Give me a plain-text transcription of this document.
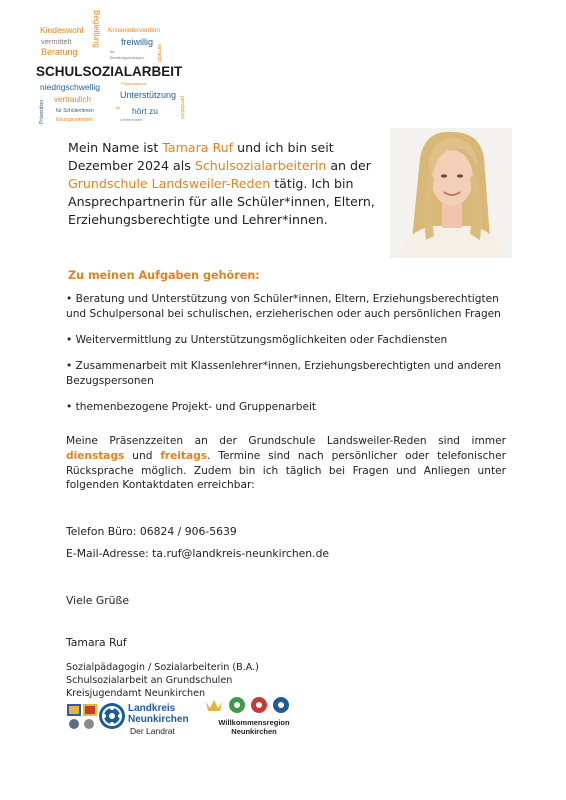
Kindeswohl Begleitung Krisenintervention
vermittelt	freiwillig
Beratung	für
Beratungsanfragen vernetzt
SCHULSOZIALARBEIT
niedrigschwellig	Physicalarbeit
vertraulich	Unterstützung
Prävention für Schüler/innen
für hört zu
lösungsorientiert	Lehrer/innen
persönlich
Mein Name ist Tamara Ruf und ich bin seit Dezember 2024 als Schulsozialarbeiterin an der Grundschule Landsweiler-Reden tätig. Ich bin Ansprechpartnerin für alle Schüler*innen, Eltern, Erziehungsberechtigte und Lehrer*innen.
Zu meinen Aufgaben gehören:
• Beratung und Unterstützung von Schüler*innen, Eltern, Erziehungsberechtigten und Schulpersonal bei schulischen, erzieherischen oder auch persönlichen Fragen
• Weitervermittlung zu Unterstützungsmöglichkeiten oder Fachdiensten
• Zusammenarbeit mit Klassenlehrer*innen, Erziehungsberechtigten und anderen Bezugspersonen
• themenbezogene Projekt- und Gruppenarbeit
Meine Präsenzzeiten an der Grundschule Landsweiler-Reden sind immer dienstags und freitags. Termine sind nach persönlicher oder telefonischer Rücksprache möglich. Zudem bin ich täglich bei Fragen und Anliegen unter folgenden Kontaktdaten erreichbar:
Telefon Büro: 06824 / 906-5639
E-Mail-Adresse: ta.ruf@landkreis-neunkirchen.de
Viele Grüße
Tamara Ruf
Sozialpädagogin / Sozialarbeiterin (B.A.)
Schulsozialarbeit an Grundschulen
Kreisjugendamt Neunkirchen
Landkreis
Neunkirchen
Der Landrat
Willkommensregion
Neunkirchen
